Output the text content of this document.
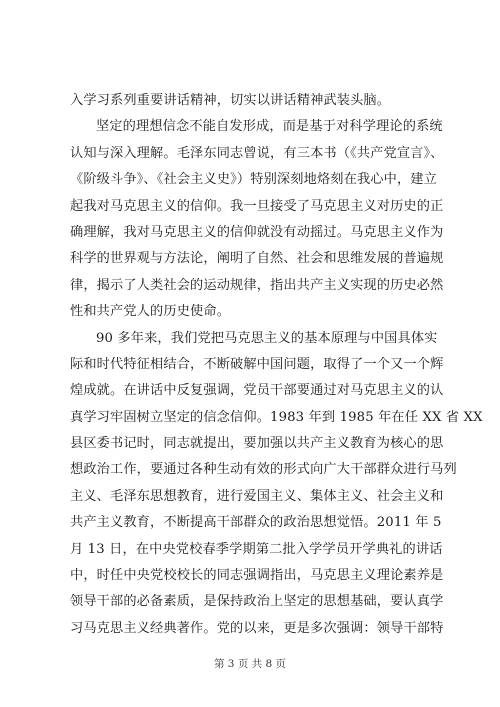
入学习系列重要讲话精神，切实以讲话精神武装头脑。
坚定的理想信念不能自发形成，而是基于对科学理论的系统
认知与深入理解。毛泽东同志曾说，有三本书（《共产党宣言》、
《阶级斗争》、《社会主义史》）特别深刻地烙刻在我心中，建立
起我对马克思主义的信仰。我一旦接受了马克思主义对历史的正
确理解，我对马克思主义的信仰就没有动摇过。马克思主义作为
科学的世界观与方法论，阐明了自然、社会和思维发展的普遍规
律，揭示了人类社会的运动规律，指出共产主义实现的历史必然
性和共产党人的历史使命。
90 多年来，我们党把马克思主义的基本原理与中国具体实
际和时代特征相结合，不断破解中国问题，取得了一个又一个辉
煌成就。在讲话中反复强调，党员干部要通过对马克思主义的认
真学习牢固树立坚定的信念信仰。1983 年到 1985 年在任 XX 省 XX
县区委书记时，同志就提出，要加强以共产主义教育为核心的思
想政治工作，要通过各种生动有效的形式向广大干部群众进行马列
主义、毛泽东思想教育，进行爱国主义、集体主义、社会主义和
共产主义教育，不断提高干部群众的政治思想觉悟。2011 年 5
月 13 日，在中央党校春季学期第二批入学学员开学典礼的讲话
中，时任中央党校校长的同志强调指出，马克思主义理论素养是
领导干部的必备素质，是保持政治上坚定的思想基础，要认真学
习马克思主义经典著作。党的以来，更是多次强调：领导干部特
第 3 页 共 8 页
